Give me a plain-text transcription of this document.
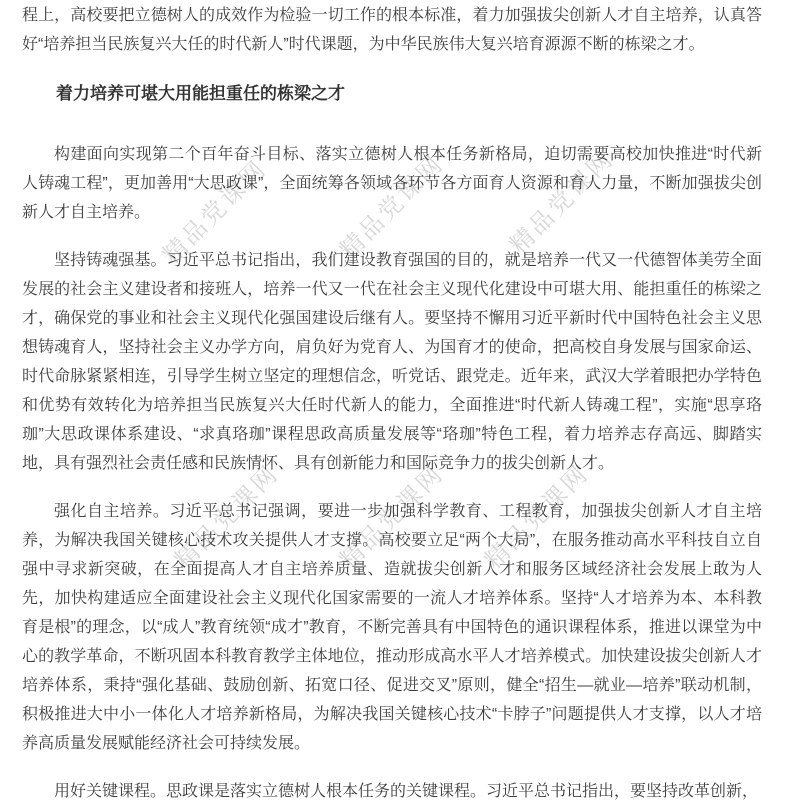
精品党课网	精品党课网 精品党课网
精品党课网 精品党课网 精品党课网

程上，高校要把立德树人的成效作为检验一切工作的根本标准，着力加强拔尖创新人才自主培养，认真答好“培养担当民族复兴大任的时代新人”时代课题，为中华民族伟大复兴培育源源不断的栋梁之才。

着力培养可堪大用能担重任的栋梁之才

构建面向实现第二个百年奋斗目标、落实立德树人根本任务新格局，迫切需要高校加快推进“时代新人铸魂工程”，更加善用“大思政课”，全面统筹各领域各环节各方面育人资源和育人力量，不断加强拔尖创新人才自主培养。

坚持铸魂强基。习近平总书记指出，我们建设教育强国的目的，就是培养一代又一代德智体美劳全面发展的社会主义建设者和接班人，培养一代又一代在社会主义现代化建设中可堪大用、能担重任的栋梁之才，确保党的事业和社会主义现代化强国建设后继有人。要坚持不懈用习近平新时代中国特色社会主义思想铸魂育人，坚持社会主义办学方向，肩负好为党育人、为国育才的使命，把高校自身发展与国家命运、时代命脉紧紧相连，引导学生树立坚定的理想信念，听党话、跟党走。近年来，武汉大学着眼把办学特色和优势有效转化为培养担当民族复兴大任时代新人的能力，全面推进“时代新人铸魂工程”，实施“思享珞珈”大思政课体系建设、“求真珞珈”课程思政高质量发展等“珞珈”特色工程，着力培养志存高远、脚踏实地，具有强烈社会责任感和民族情怀、具有创新能力和国际竞争力的拔尖创新人才。

强化自主培养。习近平总书记强调，要进一步加强科学教育、工程教育，加强拔尖创新人才自主培养，为解决我国关键核心技术攻关提供人才支撑。高校要立足“两个大局”，在服务推动高水平科技自立自强中寻求新突破，在全面提高人才自主培养质量、造就拔尖创新人才和服务区域经济社会发展上敢为人先，加快构建适应全面建设社会主义现代化国家需要的一流人才培养体系。坚持“人才培养为本、本科教育是根”的理念，以“成人”教育统领“成才”教育，不断完善具有中国特色的通识课程体系，推进以课堂为中心的教学革命，不断巩固本科教育教学主体地位，推动形成高水平人才培养模式。加快建设拔尖创新人才培养体系，秉持“强化基础、鼓励创新、拓宽口径、促进交叉”原则，健全“招生—就业—培养”联动机制，积极推进大中小一体化人才培养新格局，为解决我国关键核心技术“卡脖子”问题提供人才支撑，以人才培养高质量发展赋能经济社会可持续发展。

用好关键课程。思政课是落实立德树人根本任务的关键课程。习近平总书记指出，要坚持改革创新，
